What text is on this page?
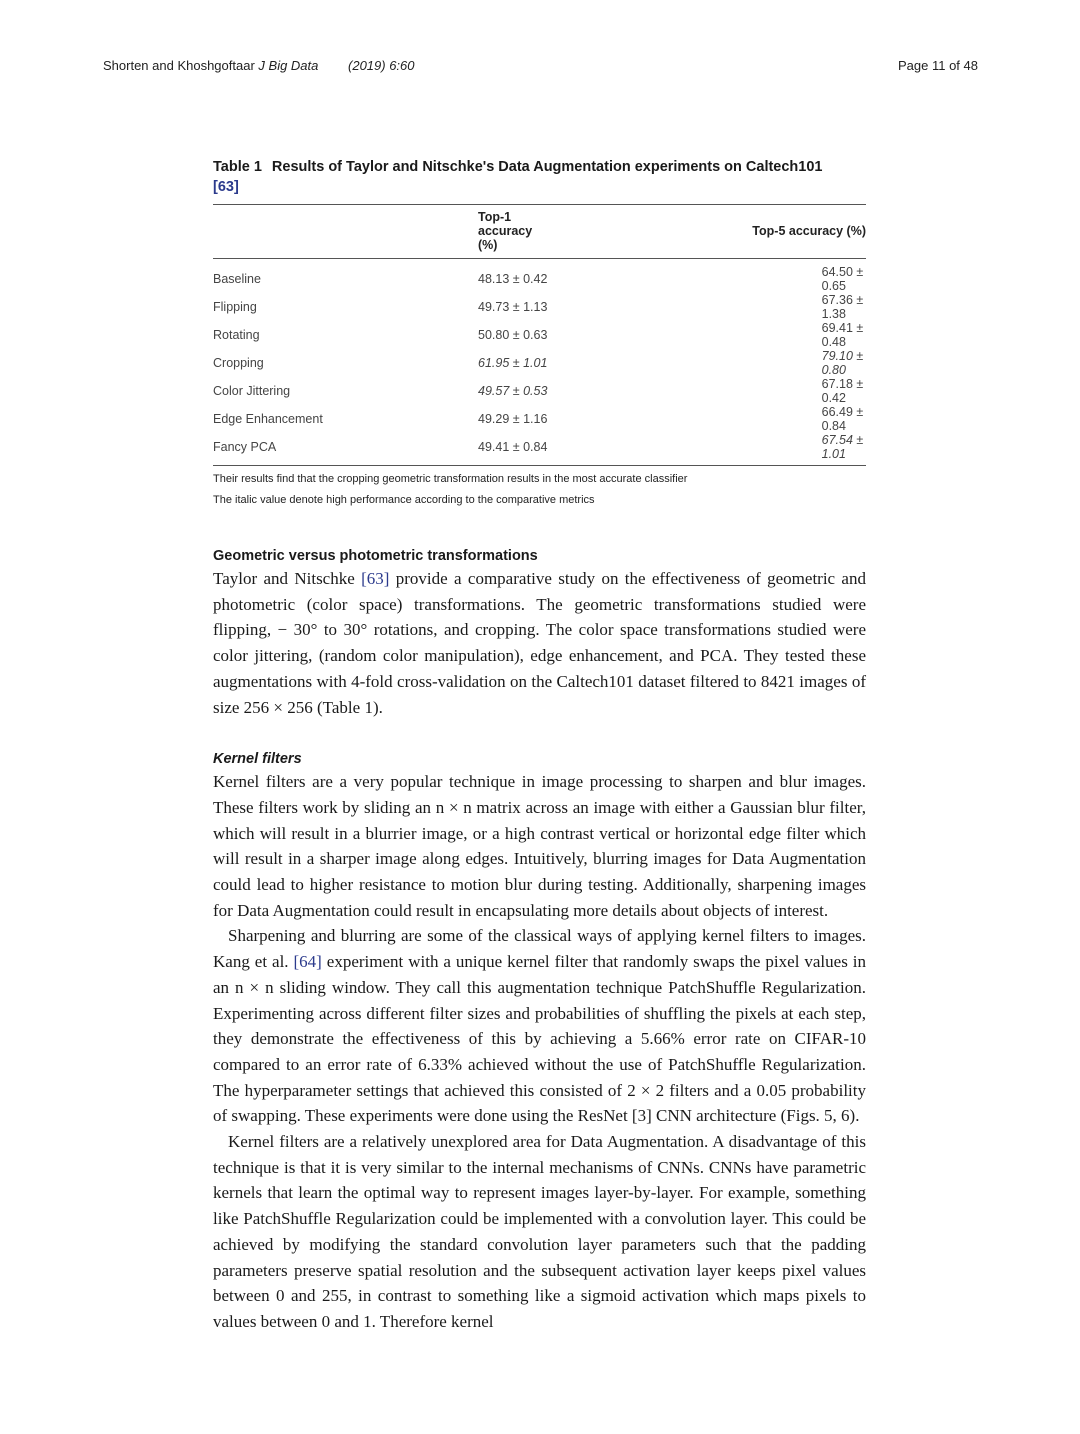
Shorten and Khoshgoftaar J Big Data (2019) 6:60	Page 11 of 48
Table 1 Results of Taylor and Nitschke's Data Augmentation experiments on Caltech101
[63]
	Top-1 accuracy (%)	Top-5 accuracy (%)
Baseline	48.13 ± 0.42	64.50 ± 0.65
Flipping	49.73 ± 1.13	67.36 ± 1.38
Rotating	50.80 ± 0.63	69.41 ± 0.48
Cropping	61.95 ± 1.01	79.10 ± 0.80
Color Jittering	49.57 ± 0.53	67.18 ± 0.42
Edge Enhancement	49.29 ± 1.16	66.49 ± 0.84
Fancy PCA	49.41 ± 0.84	67.54 ± 1.01
Their results find that the cropping geometric transformation results in the most accurate classifier
The italic value denote high performance according to the comparative metrics
Geometric versus photometric transformations

Taylor and Nitschke [63] provide a comparative study on the effectiveness of geometric and photometric (color space) transformations. The geometric transformations studied were flipping, − 30° to 30° rotations, and cropping. The color space transformations studied were color jittering, (random color manipulation), edge enhancement, and PCA. They tested these augmentations with 4-fold cross-validation on the Caltech101 dataset filtered to 8421 images of size 256 × 256 (Table 1).

Kernel filters

Kernel filters are a very popular technique in image processing to sharpen and blur images. These filters work by sliding an n × n matrix across an image with either a Gaussian blur filter, which will result in a blurrier image, or a high contrast vertical or horizontal edge filter which will result in a sharper image along edges. Intuitively, blurring images for Data Augmentation could lead to higher resistance to motion blur during testing. Additionally, sharpening images for Data Augmentation could result in encapsulating more details about objects of interest.

Sharpening and blurring are some of the classical ways of applying kernel filters to images. Kang et al. [64] experiment with a unique kernel filter that randomly swaps the pixel values in an n × n sliding window. They call this augmentation technique PatchShuffle Regularization. Experimenting across different filter sizes and probabilities of shuffling the pixels at each step, they demonstrate the effectiveness of this by achieving a 5.66% error rate on CIFAR-10 compared to an error rate of 6.33% achieved without the use of PatchShuffle Regularization. The hyperparameter settings that achieved this consisted of 2 × 2 filters and a 0.05 probability of swapping. These experiments were done using the ResNet [3] CNN architecture (Figs. 5, 6).

Kernel filters are a relatively unexplored area for Data Augmentation. A disadvantage of this technique is that it is very similar to the internal mechanisms of CNNs. CNNs have parametric kernels that learn the optimal way to represent images layer-by-layer. For example, something like PatchShuffle Regularization could be implemented with a convolution layer. This could be achieved by modifying the standard convolution layer parameters such that the padding parameters preserve spatial resolution and the subsequent activation layer keeps pixel values between 0 and 255, in contrast to something like a sigmoid activation which maps pixels to values between 0 and 1. Therefore kernel
